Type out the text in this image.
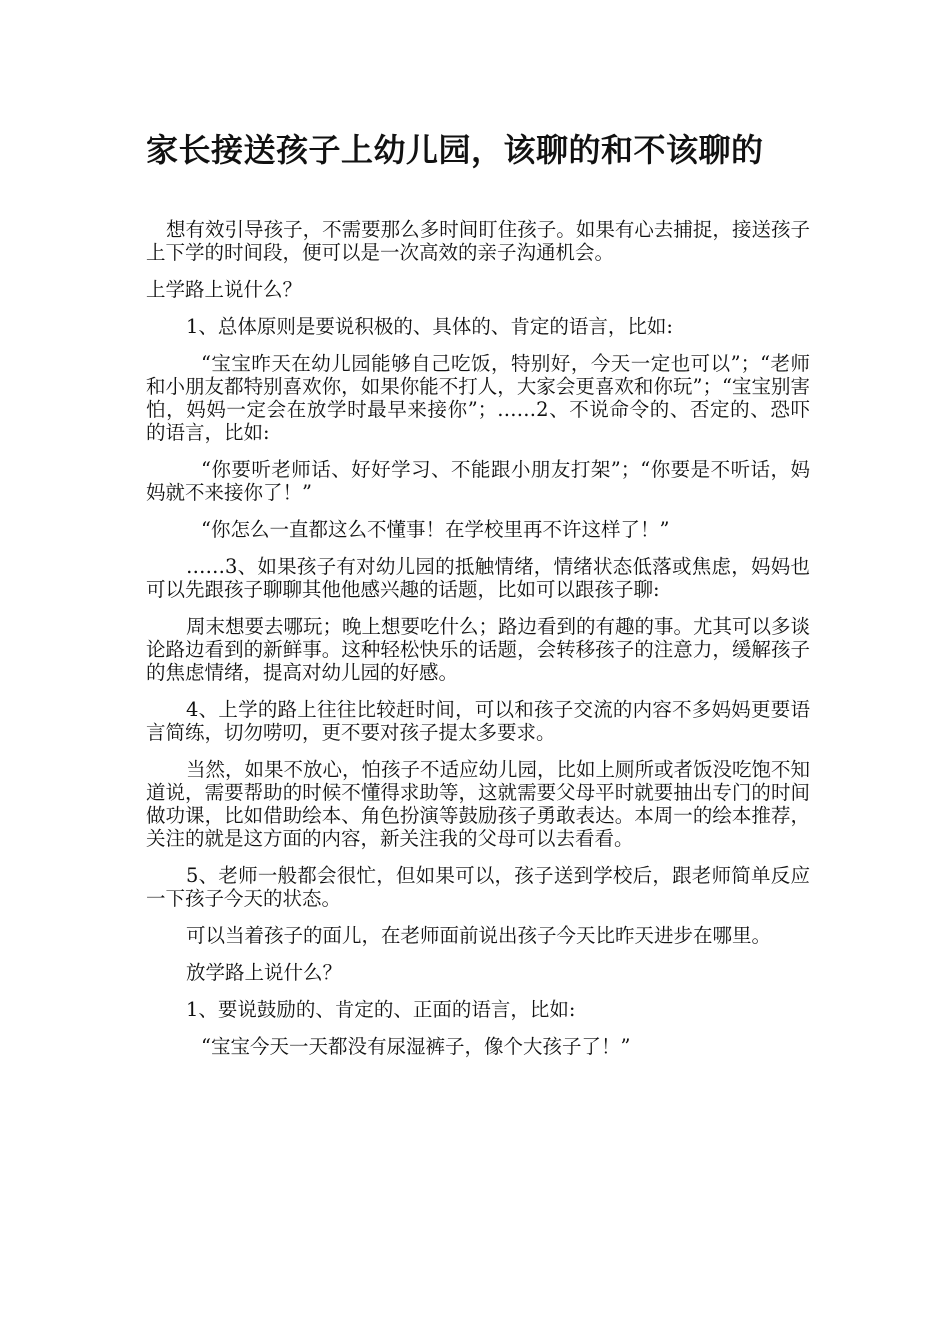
家长接送孩子上幼儿园，该聊的和不该聊的

想有效引导孩子，不需要那么多时间盯住孩子。如果有心去捕捉，接送孩子上下学的时间段，便可以是一次高效的亲子沟通机会。

上学路上说什么？

1、总体原则是要说积极的、具体的、肯定的语言，比如:

“宝宝昨天在幼儿园能够自己吃饭，特别好，今天一定也可以”；“老师和小朋友都特别喜欢你，如果你能不打人，大家会更喜欢和你玩”；“宝宝别害怕，妈妈一定会在放学时最早来接你”；……2、不说命令的、否定的、恐吓的语言，比如:

“你要听老师话、好好学习、不能跟小朋友打架”；“你要是不听话，妈妈就不来接你了！”

“你怎么一直都这么不懂事！在学校里再不许这样了！”

……3、如果孩子有对幼儿园的抵触情绪，情绪状态低落或焦虑，妈妈也可以先跟孩子聊聊其他他感兴趣的话题，比如可以跟孩子聊:

周末想要去哪玩；晚上想要吃什么；路边看到的有趣的事。尤其可以多谈论路边看到的新鲜事。这种轻松快乐的话题，会转移孩子的注意力，缓解孩子的焦虑情绪，提高对幼儿园的好感。

4、上学的路上往往比较赶时间，可以和孩子交流的内容不多妈妈更要语言简练，切勿唠叨，更不要对孩子提太多要求。

当然，如果不放心，怕孩子不适应幼儿园，比如上厕所或者饭没吃饱不知道说，需要帮助的时候不懂得求助等，这就需要父母平时就要抽出专门的时间做功课，比如借助绘本、角色扮演等鼓励孩子勇敢表达。本周一的绘本推荐，关注的就是这方面的内容，新关注我的父母可以去看看。

5、老师一般都会很忙，但如果可以，孩子送到学校后，跟老师简单反应一下孩子今天的状态。

可以当着孩子的面儿，在老师面前说出孩子今天比昨天进步在哪里。

放学路上说什么？

1、要说鼓励的、肯定的、正面的语言，比如:

“宝宝今天一天都没有尿湿裤子，像个大孩子了！”
